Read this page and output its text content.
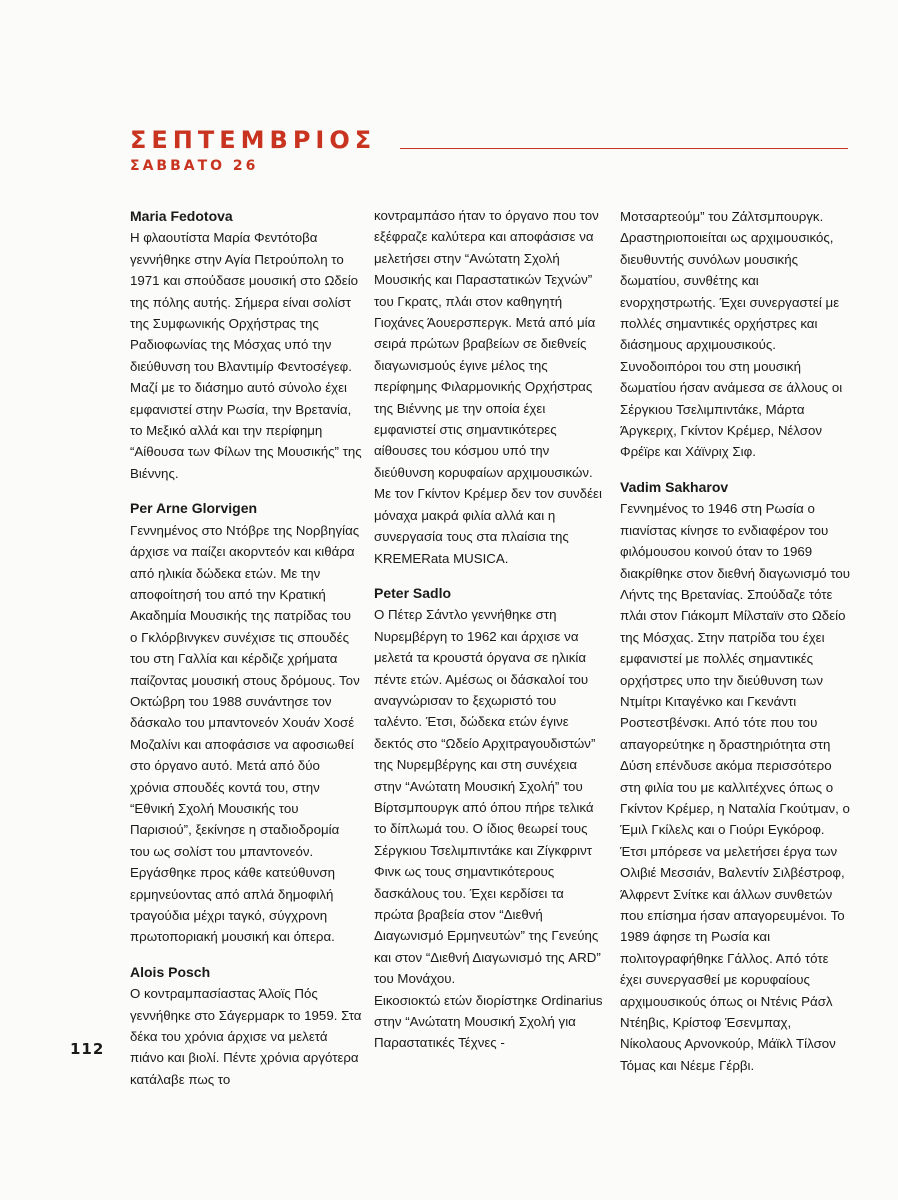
ΣΕΠΤΕΜΒΡΙΟΣ
ΣΑΒΒΑΤΟ 26

Maria Fedotova

Η φλαουτίστα Μαρία Φεντότοβα γεννήθηκε στην Αγία Πετρούπολη το 1971 και σπούδασε μουσική στο Ωδείο της πόλης αυτής. Σήμερα είναι σολίστ της Συμφωνικής Ορχήστρας της Ραδιοφωνίας της Μόσχας υπό την διεύθυνση του Βλαντιμίρ Φεντοσέγεφ. Μαζί με το διάσημο αυτό σύνολο έχει εμφανιστεί στην Ρωσία, την Βρετανία, το Μεξικό αλλά και την περίφημη “Αίθουσα των Φίλων της Μουσικής” της Βιέννης.

Per Arne Glorvigen

Γεννημένος στο Ντόβρε της Νορβηγίας άρχισε να παίζει ακορντεόν και κιθάρα από ηλικία δώδεκα ετών. Με την αποφοίτησή του από την Κρατική Ακαδημία Μουσικής της πατρίδας του ο Γκλόρβινγκεν συνέχισε τις σπουδές του στη Γαλλία και κέρδιζε χρήματα παίζοντας μουσική στους δρόμους. Τον Οκτώβρη του 1988 συνάντησε τον δάσκαλο του μπαντονεόν Χουάν Χοσέ Μοζαλίνι και αποφάσισε να αφοσιωθεί στο όργανο αυτό. Μετά από δύο χρόνια σπουδές κοντά του, στην “Εθνική Σχολή Μουσικής του Παρισιού”, ξεκίνησε η σταδιοδρομία του ως σολίστ του μπαντονεόν. Εργάσθηκε προς κάθε κατεύθυνση ερμηνεύοντας από απλά δημοφιλή τραγούδια μέχρι ταγκό, σύγχρονη πρωτοποριακή μουσική και όπερα.

Alois Posch

Ο κοντραμπασίαστας Άλοϊς Πός γεννήθηκε στο Σάγερμαρκ το 1959. Στα δέκα του χρόνια άρχισε να μελετά πιάνο και βιολί. Πέντε χρόνια αργότερα κατάλαβε πως το

κοντραμπάσο ήταν το όργανο που τον εξέφραζε καλύτερα και αποφάσισε να μελετήσει στην “Ανώτατη Σχολή Μουσικής και Παραστατικών Τεχνών” του Γκρατς, πλάι στον καθηγητή Γιοχάνες Άουερσπεργκ. Μετά από μία σειρά πρώτων βραβείων σε διεθνείς διαγωνισμούς έγινε μέλος της περίφημης Φιλαρμονικής Ορχήστρας της Βιέννης με την οποία έχει εμφανιστεί στις σημαντικότερες αίθουσες του κόσμου υπό την διεύθυνση κορυφαίων αρχιμουσικών. Με τον Γκίντον Κρέμερ δεν τον συνδέει μόναχα μακρά φιλία αλλά και η συνεργασία τους στα πλαίσια της KREMERata MUSICA.

Peter Sadlo

Ο Πέτερ Σάντλο γεννήθηκε στη Νυρεμβέργη το 1962 και άρχισε να μελετά τα κρουστά όργανα σε ηλικία πέντε ετών. Αμέσως οι δάσκαλοί του αναγνώρισαν το ξεχωριστό του ταλέντο. Έτσι, δώδεκα ετών έγινε δεκτός στο “Ωδείο Αρχιτραγουδιστών” της Νυρεμβέργης και στη συνέχεια στην “Ανώτατη Μουσική Σχολή” του Βίρτσμπουργκ από όπου πήρε τελικά το δίπλωμά του. Ο ίδιος θεωρεί τους Σέργκιου Τσελιμπιντάκε και Ζίγκφριντ Φινκ ως τους σημαντικότερους δασκάλους του. Έχει κερδίσει τα πρώτα βραβεία στον “Διεθνή Διαγωνισμό Ερμηνευτών” της Γενεύης και στον “Διεθνή Διαγωνισμό της ARD” του Μονάχου.

Εικοσιοκτώ ετών διορίστηκε Ordinarius στην “Ανώτατη Μουσική Σχολή για Παραστατικές Τέχνες -

Μοτσαρτεούμ” του Ζάλτσμπουργκ. Δραστηριοποιείται ως αρχιμουσικός, διευθυντής συνόλων μουσικής δωματίου, συνθέτης και ενορχηστρωτής. Έχει συνεργαστεί με πολλές σημαντικές ορχήστρες και διάσημους αρχιμουσικούς. Συνοδοιπόροι του στη μουσική δωματίου ήσαν ανάμεσα σε άλλους οι Σέργκιου Τσελιμπιντάκε, Μάρτα Άργκεριχ, Γκίντον Κρέμερ, Νέλσον Φρέϊρε και Χάϊνριχ Σιφ.

Vadim Sakharov

Γεννημένος το 1946 στη Ρωσία ο πιανίστας κίνησε το ενδιαφέρον του φιλόμουσου κοινού όταν το 1969 διακρίθηκε στον διεθνή διαγωνισμό του Λήντς της Βρετανίας. Σπούδαζε τότε πλάι στον Γιάκομπ Μίλσταϊν στο Ωδείο της Μόσχας. Στην πατρίδα του έχει εμφανιστεί με πολλές σημαντικές ορχήστρες υπο την διεύθυνση των Ντμίτρι Κιταγένκο και Γκενάντι Ροστεστβένσκι. Από τότε που του απαγορεύτηκε η δραστηριότητα στη Δύση επένδυσε ακόμα περισσότερο στη φιλία του με καλλιτέχνες όπως ο Γκίντον Κρέμερ, η Ναταλία Γκούτμαν, ο Έμιλ Γκίλελς και ο Γιούρι Εγκόροφ. Έτσι μπόρεσε να μελετήσει έργα των Ολιβιέ Μεσσιάν, Βαλεντίν Σιλβέστροφ, Άλφρεντ Σνίτκε και άλλων συνθετών που επίσημα ήσαν απαγορευμένοι. Το 1989 άφησε τη Ρωσία και πολιτογραφήθηκε Γάλλος. Από τότε έχει συνεργασθεί με κορυφαίους αρχιμουσικούς όπως οι Ντένις Ράσλ Ντέηβις, Κρίστοφ Έσενμπαχ, Νίκολαους Αρνονκούρ, Μάϊκλ Τίλσον Τόμας και Νέεμε Γέρβι.

112
